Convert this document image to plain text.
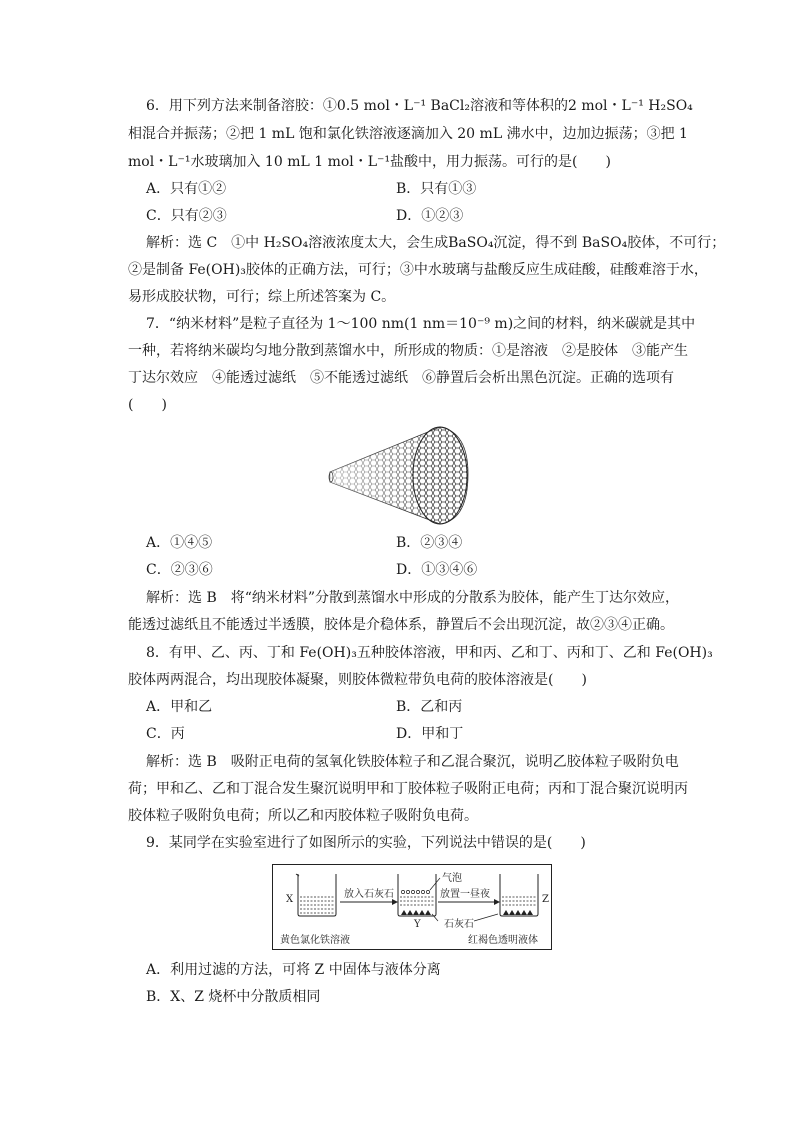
6．用下列方法来制备溶胶：①0.5 mol・L⁻¹ BaCl₂溶液和等体积的2 mol・L⁻¹ H₂SO₄
相混合并振荡；②把 1 mL 饱和氯化铁溶液逐滴加入 20 mL 沸水中，边加边振荡；③把 1
mol・L⁻¹水玻璃加入 10 mL 1 mol・L⁻¹盐酸中，用力振荡。可行的是(　　)
A．只有①②	B．只有①③
C．只有②③	D．①②③
解析：选 C　①中 H₂SO₄溶液浓度太大，会生成BaSO₄沉淀，得不到 BaSO₄胶体，不可行；
②是制备 Fe(OH)₃胶体的正确方法，可行；③中水玻璃与盐酸反应生成硅酸，硅酸难溶于水，
易形成胶状物，可行；综上所述答案为 C。
7．“纳米材料”是粒子直径为 1～100 nm(1 nm＝10⁻⁹ m)之间的材料，纳米碳就是其中
一种，若将纳米碳均匀地分散到蒸馏水中，所形成的物质：①是溶液　②是胶体　③能产生
丁达尔效应　④能透过滤纸　⑤不能透过滤纸　⑥静置后会析出黑色沉淀。正确的选项有
(　　)
A．①④⑤	B．②③④
C．②③⑥	D．①③④⑥
解析：选 B　将“纳米材料”分散到蒸馏水中形成的分散系为胶体，能产生丁达尔效应，
能透过滤纸且不能透过半透膜，胶体是介稳体系，静置后不会出现沉淀，故②③④正确。
8．有甲、乙、丙、丁和 Fe(OH)₃五种胶体溶液，甲和丙、乙和丁、丙和丁、乙和 Fe(OH)₃
胶体两两混合，均出现胶体凝聚，则胶体微粒带负电荷的胶体溶液是(　　)
A．甲和乙	B．乙和丙
C．丙	D．甲和丁
解析：选 B　吸附正电荷的氢氧化铁胶体粒子和乙混合聚沉，说明乙胶体粒子吸附负电
荷；甲和乙、乙和丁混合发生聚沉说明甲和丁胶体粒子吸附正电荷；丙和丁混合聚沉说明丙
胶体粒子吸附负电荷；所以乙和丙胶体粒子吸附负电荷。
9．某同学在实验室进行了如图所示的实验，下列说法中错误的是(　　)
X	放入石灰石
Y
气泡
放置一昼夜
石灰石
Z
黄色氯化铁溶液	红褐色透明液体
A．利用过滤的方法，可将 Z 中固体与液体分离
B．X、Z 烧杯中分散质相同
